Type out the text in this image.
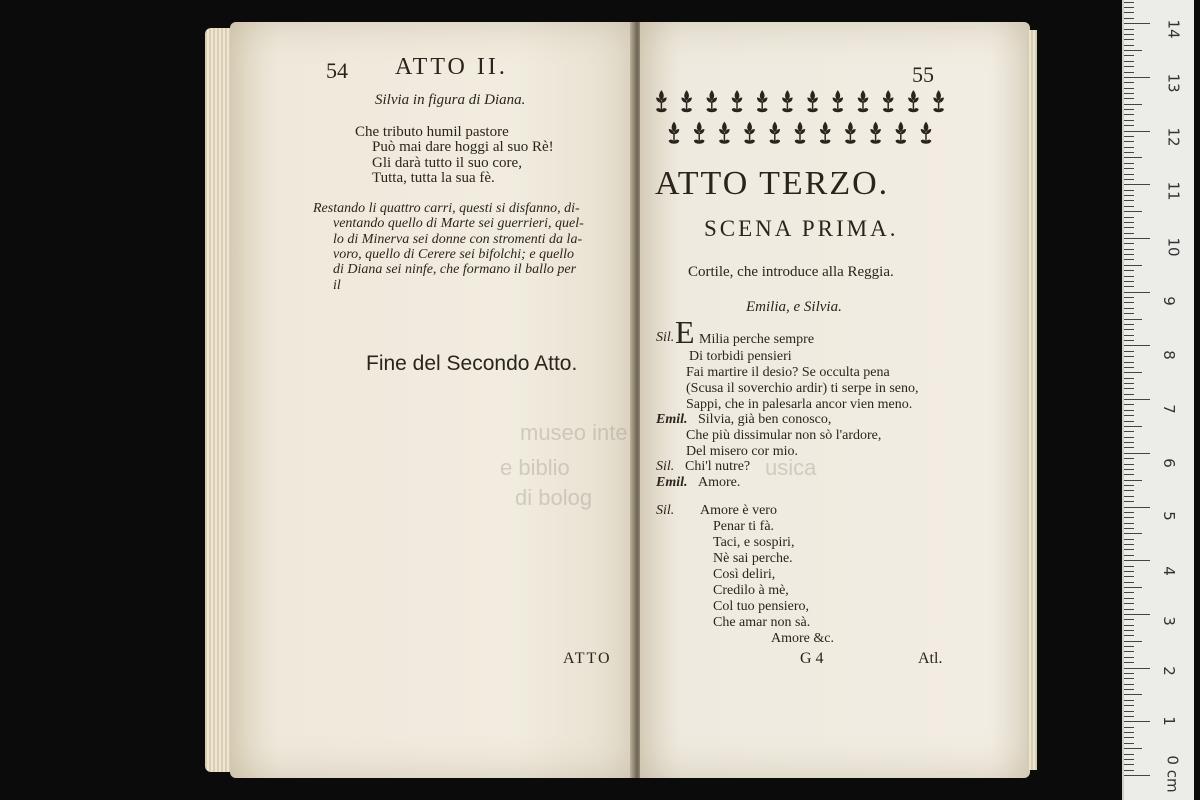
54 ATTO II.
Silvia in figura di Diana.
Che tributo humil pastore
Può mai dare hoggi al suo Rè!
Gli darà tutto il suo core,
Tutta, tutta la sua fè.
Restando li quattro carri, questi si disfanno, di-
ventando quello di Marte sei guerrieri, quel-
lo di Minerva sei donne con stromenti da la-
voro, quello di Cerere sei bifolchi; e quello
di Diana sei ninfe, che formano il ballo per
il
Fine del Secondo Atto.
ATTO
museo inte
e biblio
di bolog
usica
55
ATTO TERZO.
SCENA PRIMA.
Cortile, che introduce alla Reggia.
Emilia, e Silvia.
Sil. E Milia perche sempre
Di torbidi pensieri
Fai martire il desio? Se occulta pena
(Scusa il soverchio ardir) ti serpe in seno,
Sappi, che in palesarla ancor vien meno.
Emil. Silvia, già ben conosco,
Che più dissimular non sò l'ardore,
Del misero cor mio.
Sil. Chi'l nutre?
Emil. Amore.
Sil. Amore è vero
Penar ti fà.
Taci, e sospiri,
Nè sai perche.
Così deliri,
Credilo à mè,
Col tuo pensiero,
Che amar non sà.
Amore &c.
G 4	Atl.
0 cm
1
2
3
4
5
6
7
8
9
10
11
12
13
14
